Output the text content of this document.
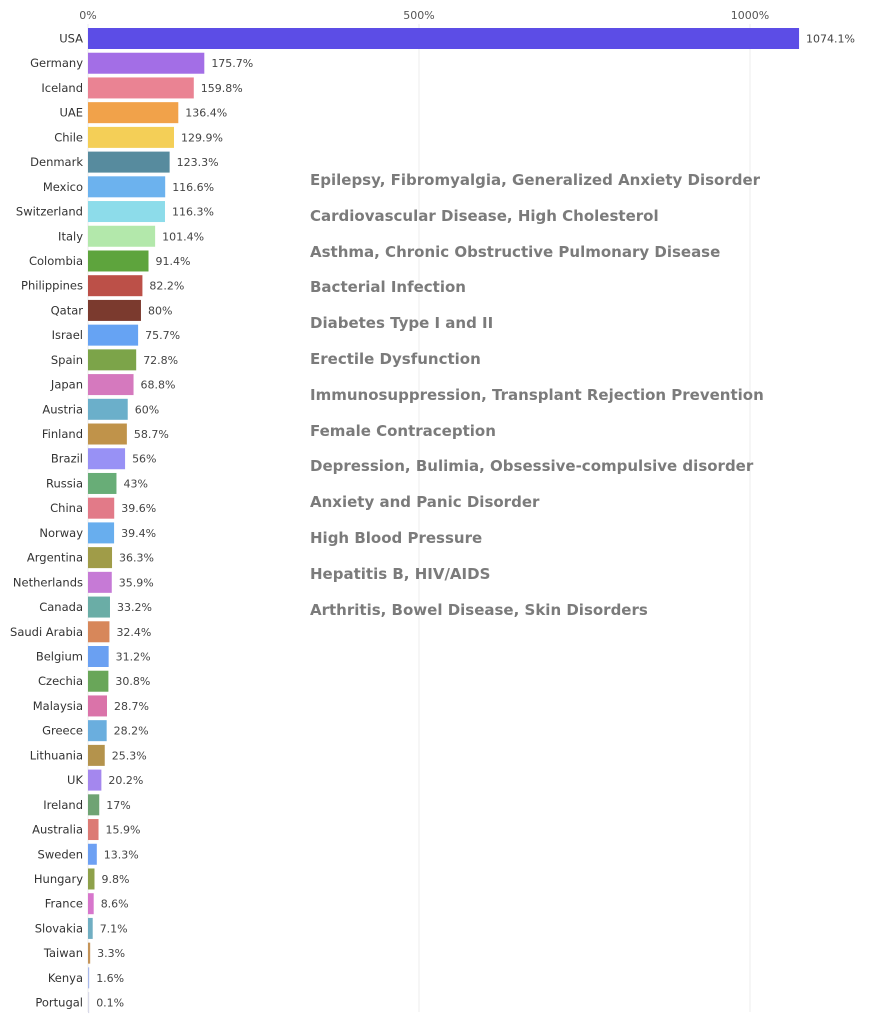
0%	500%	1000%
USA	1074.1%
Germany	175.7%
Iceland	159.8%
UAE	136.4%
Chile	129.9%
Denmark	123.3%
Mexico	116.6%
Switzerland	116.3%
Italy	101.4%
Colombia	91.4%
Philippines	82.2%
Qatar	80%
Israel	75.7%
Spain	72.8%
Japan	68.8%
Austria	60%
Finland	58.7%
Brazil	56%
Russia	43%
China	39.6%
Norway	39.4%
Argentina	36.3%
Netherlands	35.9%
Canada	33.2%
Saudi Arabia	32.4%
Belgium	31.2%
Czechia	30.8%
Malaysia	28.7%
Greece	28.2%
Lithuania	25.3%
UK 20.2%
Ireland 17%
Australia 15.9%
Sweden 13.3%
Hungary 9.8%
France 8.6%
Slovakia 7.1%
Taiwan 3.3%
Kenya 1.6%
Portugal 0.1%
Epilepsy, Fibromyalgia, Generalized Anxiety Disorder
Cardiovascular Disease, High Cholesterol
Asthma, Chronic Obstructive Pulmonary Disease
Bacterial Infection
Diabetes Type I and II
Erectile Dysfunction
Immunosuppression, Transplant Rejection Prevention
Female Contraception
Depression, Bulimia, Obsessive-compulsive disorder
Anxiety and Panic Disorder
High Blood Pressure
Hepatitis B, HIV/AIDS
Arthritis, Bowel Disease, Skin Disorders
